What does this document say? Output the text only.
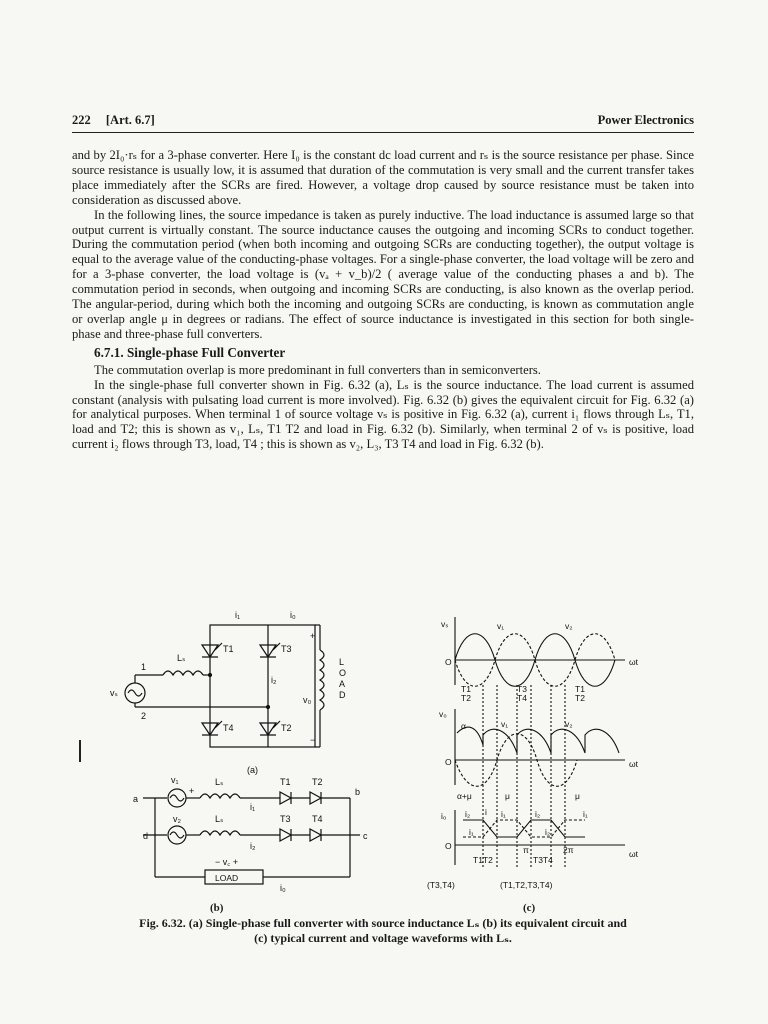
222 [Art. 6.7]	Power Electronics

and by 2I₀·rₛ for a 3-phase converter. Here I₀ is the constant dc load current and rₛ is the source resistance per phase. Since source resistance is usually low, it is assumed that duration of the commutation is very small and the current transfer takes place immediately after the SCRs are fired. However, a voltage drop caused by source resistance must be taken into consideration as discussed above.

In the following lines, the source impedance is taken as purely inductive. The load inductance is assumed large so that output current is virtually constant. The source inductance causes the outgoing and incoming SCRs to conduct together. During the commutation period (when both incoming and outgoing SCRs are conducting together), the output voltage is equal to the average value of the conducting-phase voltages. For a single-phase converter, the load voltage will be zero and for a 3-phase converter, the load voltage is (vₐ + v_b)/2 ( average value of the conducting phases a and b). The commutation period in seconds, when outgoing and incoming SCRs are conducting, is also known as the overlap period. The angular-period, during which both the incoming and outgoing SCRs are conducting, is known as commutation angle or overlap angle μ in degrees or radians. The effect of source inductance is investigated in this section for both single-phase and three-phase full converters.

6.7.1. Single-phase Full Converter

The commutation overlap is more predominant in full converters than in semiconverters.

In the single-phase full converter shown in Fig. 6.32 (a), Lₛ is the source inductance. The load current is assumed constant (analysis with pulsating load current is more involved). Fig. 6.32 (b) gives the equivalent circuit for Fig. 6.32 (a) for analytical purposes. When terminal 1 of source voltage vₛ is positive in Fig. 6.32 (a), current i₁ flows through Lₛ, T1, load and T2; this is shown as v₁, Lₛ, T1 T2 and load in Fig. 6.32 (b). Similarly, when terminal 2 of vₛ is positive, load current i₂ flows through T3, load, T4 ; this is shown as v₂, L₃, T3 T4 and load in Fig. 6.32 (b).

i₁	i₀
Lₛ
T1	T3
T4	T2
1
2
vₛ
i₂
v₀
L
O
A
D
+
−
(a)
v₁	Lₛ	T1 T2
a
b
+
i₁
v₂	Lₛ	T3 T4
d	c
i₂
− v꜀ +
LOAD
i₀
vₛ	v₁	v₂
O	ωt
T1
T2
T3
T4
T1
T2
v₀
α	v₁	v₂
O	ωt
α+μ	μ	μ
i₀	i
i₂	i₁	i₂	i₁
i₁	i₂
O	π	2π	ωt
T1T2	T3T4
(T3,T4)	(T1,T2,T3,T4)
(b)	(c)
Fig. 6.32. (a) Single-phase full converter with source inductance Lₛ (b) its equivalent circuit and
(c) typical current and voltage waveforms with Lₛ.
